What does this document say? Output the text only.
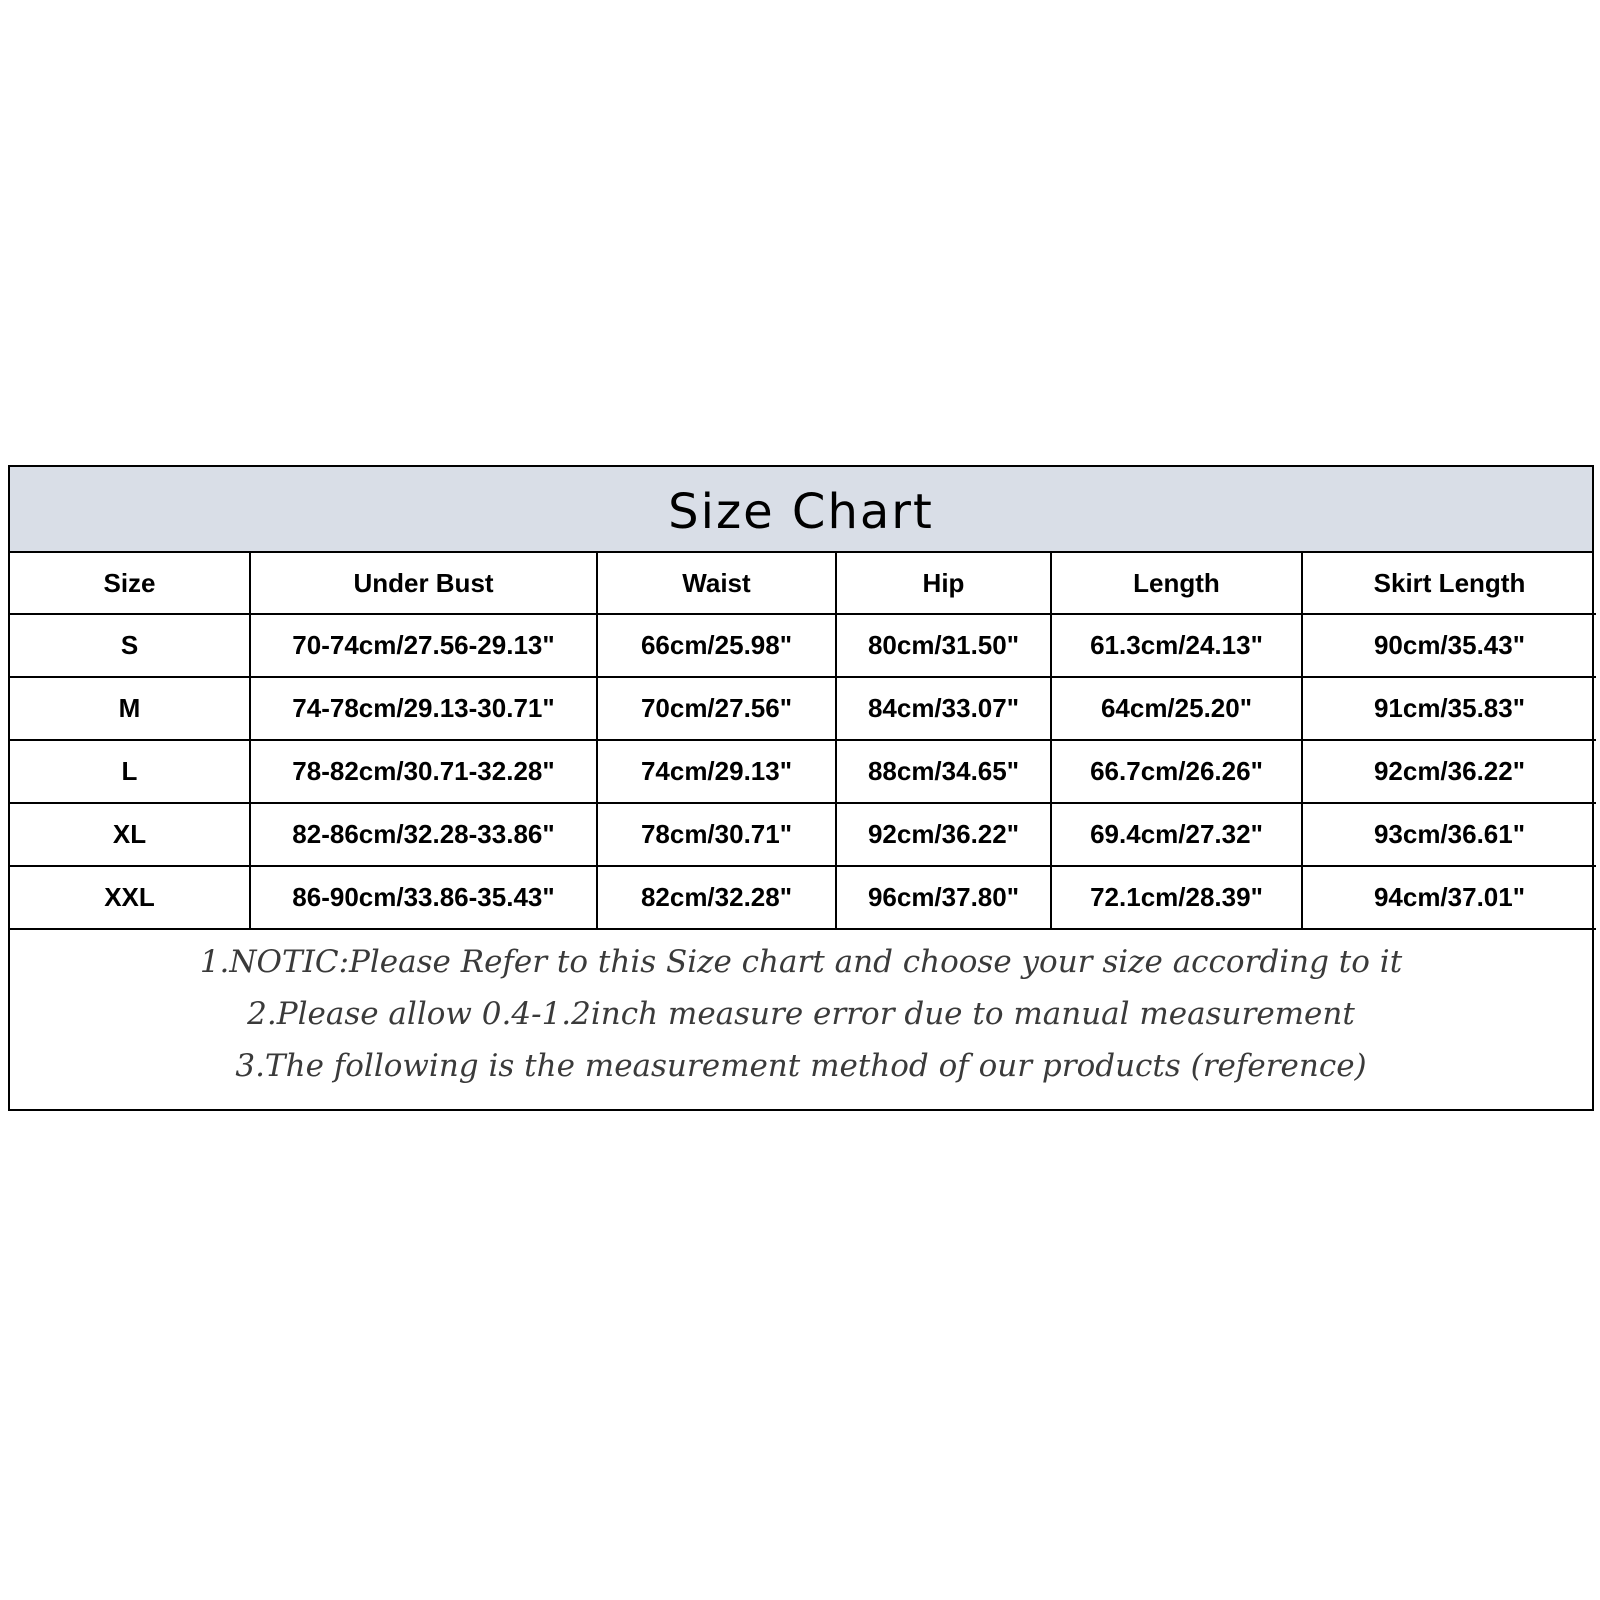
Size Chart
Size	Under Bust	Waist	Hip	Length	Skirt Length
S	70-74cm/27.56-29.13"	66cm/25.98"	80cm/31.50"	61.3cm/24.13"	90cm/35.43"
M	74-78cm/29.13-30.71"	70cm/27.56"	84cm/33.07"	64cm/25.20"	91cm/35.83"
L	78-82cm/30.71-32.28"	74cm/29.13"	88cm/34.65"	66.7cm/26.26"	92cm/36.22"
XL	82-86cm/32.28-33.86"	78cm/30.71"	92cm/36.22"	69.4cm/27.32"	93cm/36.61"
XXL	86-90cm/33.86-35.43"	82cm/32.28"	96cm/37.80"	72.1cm/28.39"	94cm/37.01"
1.NOTIC:Please Refer to this Size chart and choose your size according to it
2.Please allow 0.4-1.2inch measure error due to manual measurement
3.The following is the measurement method of our products (reference)
